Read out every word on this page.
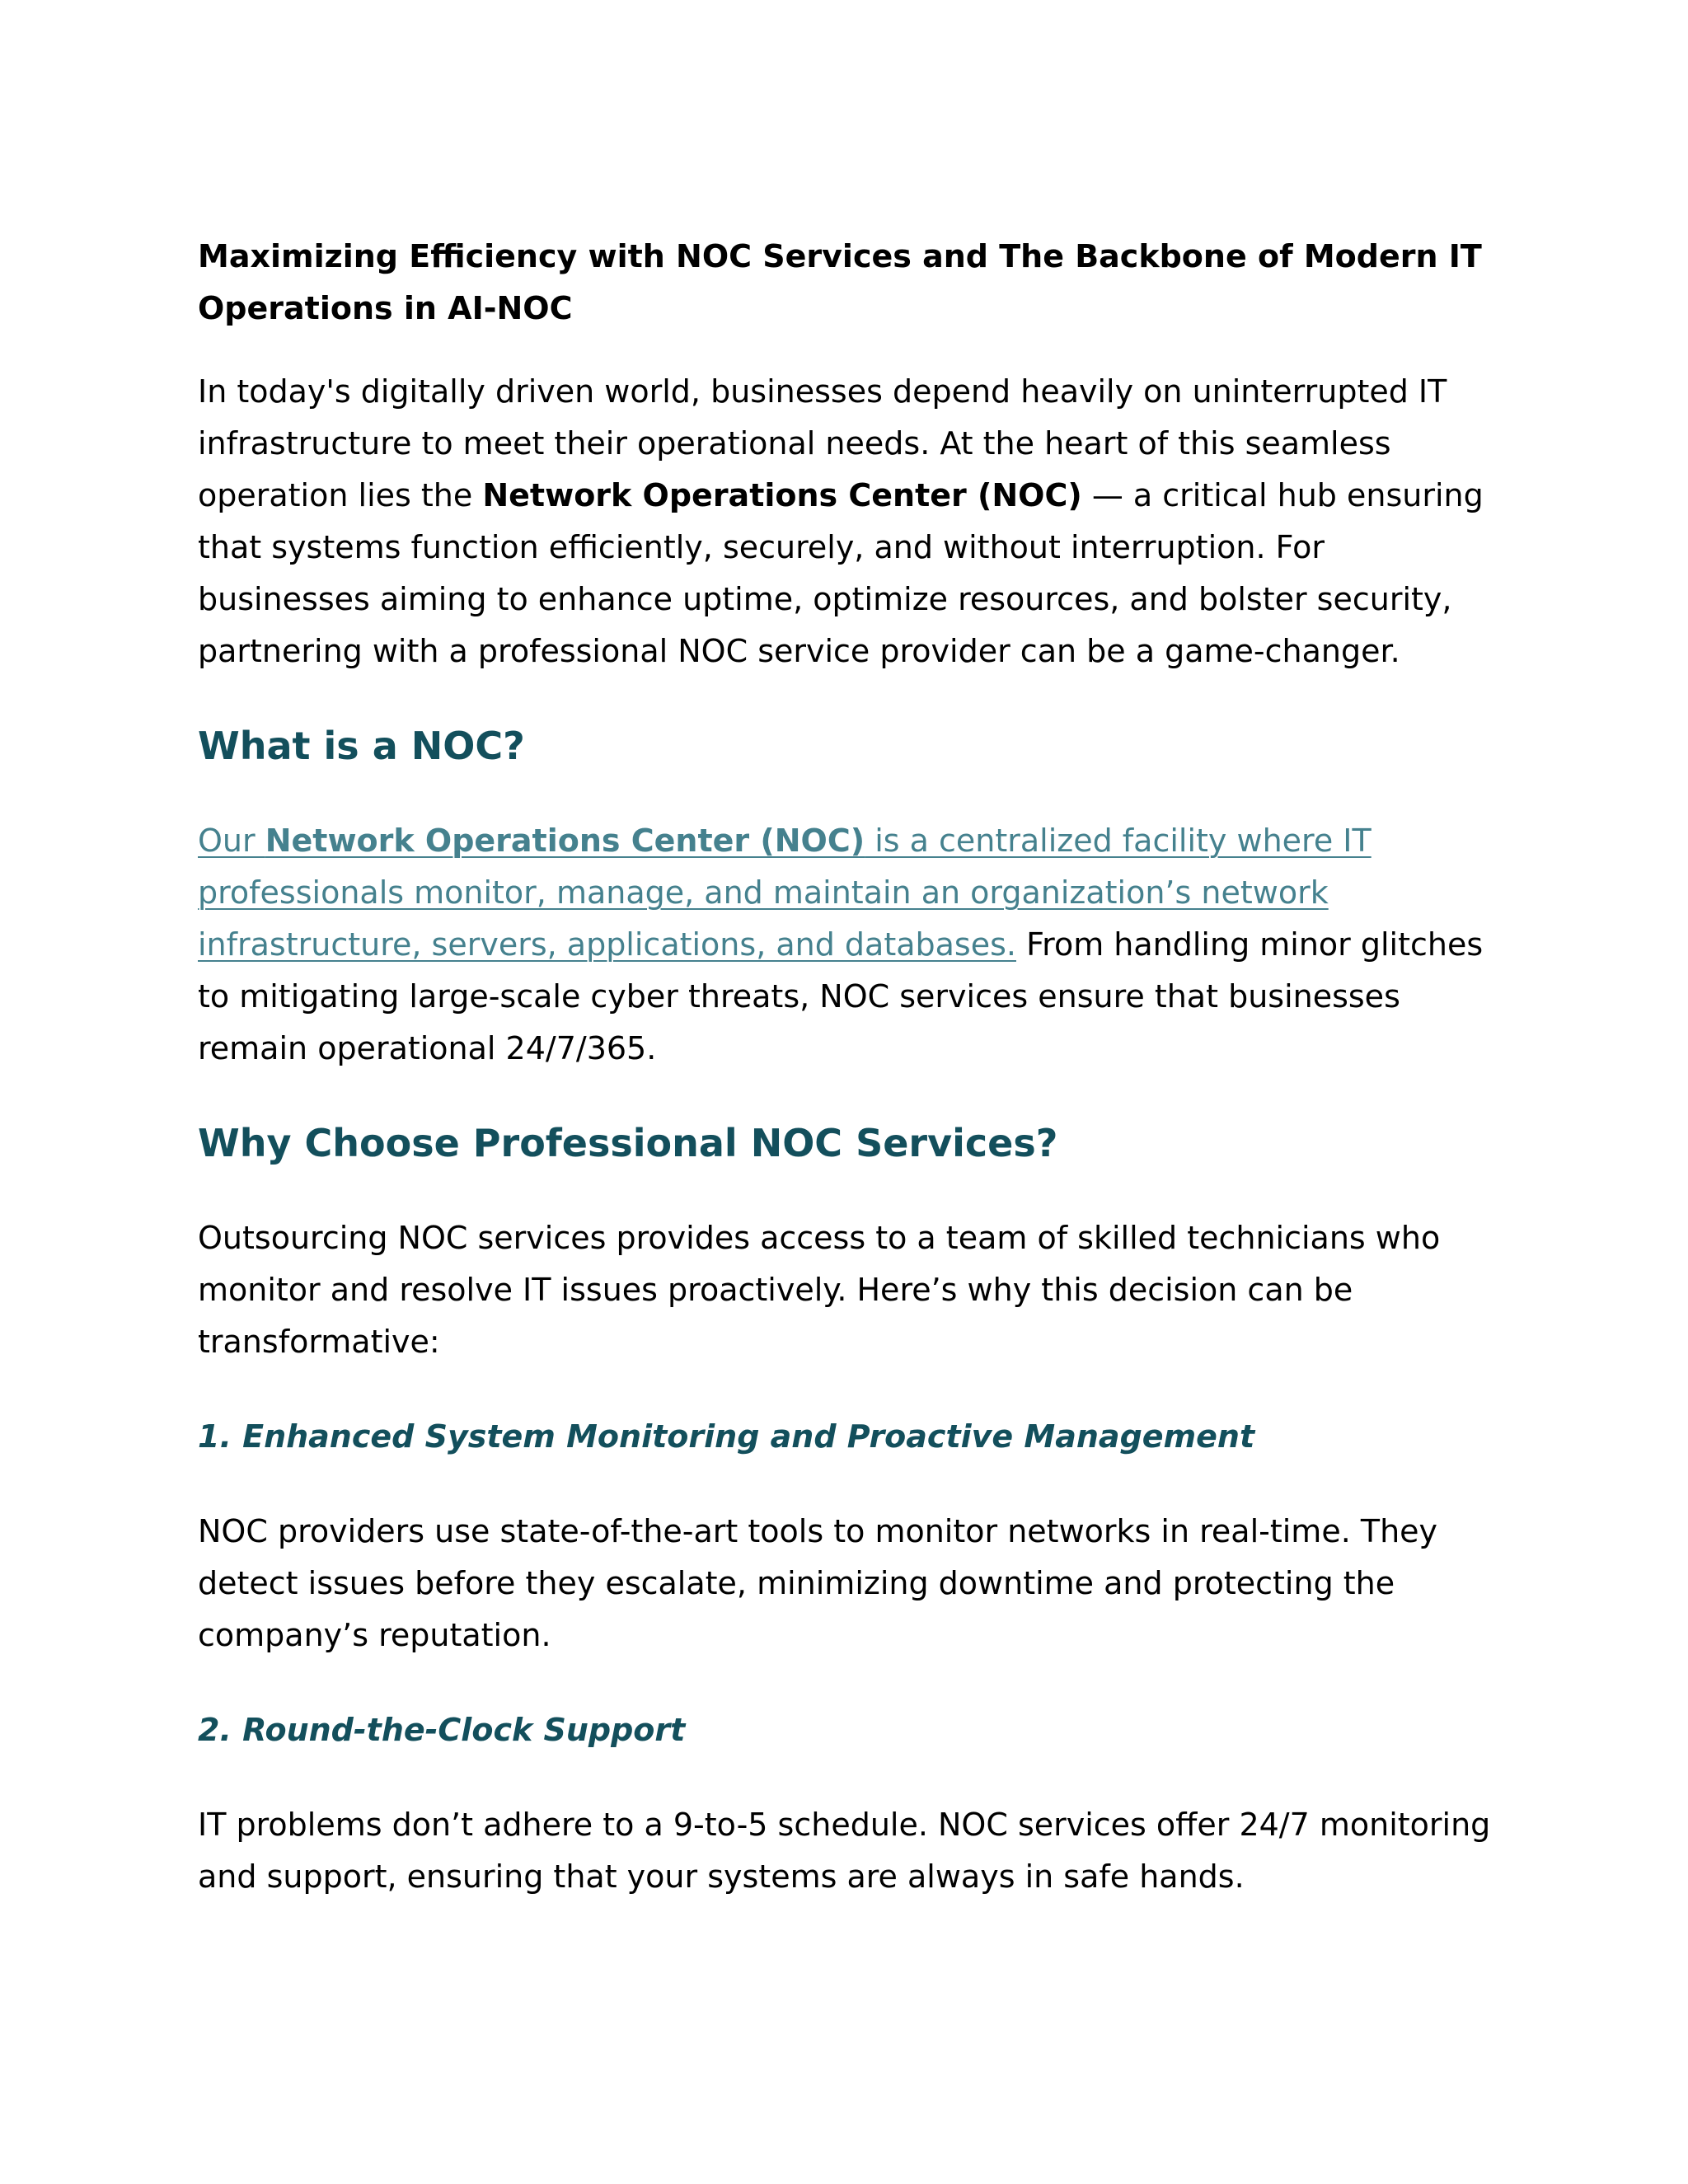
Maximizing Efficiency with NOC Services and The Backbone of Modern IT Operations in AI-NOC

In today's digitally driven world, businesses depend heavily on uninterrupted IT infrastructure to meet their operational needs. At the heart of this seamless operation lies the Network Operations Center (NOC) — a critical hub ensuring that systems function efficiently, securely, and without interruption. For businesses aiming to enhance uptime, optimize resources, and bolster security, partnering with a professional NOC service provider can be a game-changer.

What is a NOC?

Our Network Operations Center (NOC) is a centralized facility where IT professionals monitor, manage, and maintain an organization’s network infrastructure, servers, applications, and databases. From handling minor glitches to mitigating large-scale cyber threats, NOC services ensure that businesses remain operational 24/7/365.

Why Choose Professional NOC Services?

Outsourcing NOC services provides access to a team of skilled technicians who monitor and resolve IT issues proactively. Here’s why this decision can be transformative:

1. Enhanced System Monitoring and Proactive Management

NOC providers use state-of-the-art tools to monitor networks in real-time. They detect issues before they escalate, minimizing downtime and protecting the company’s reputation.

2. Round-the-Clock Support

IT problems don’t adhere to a 9-to-5 schedule. NOC services offer 24/7 monitoring and support, ensuring that your systems are always in safe hands.
